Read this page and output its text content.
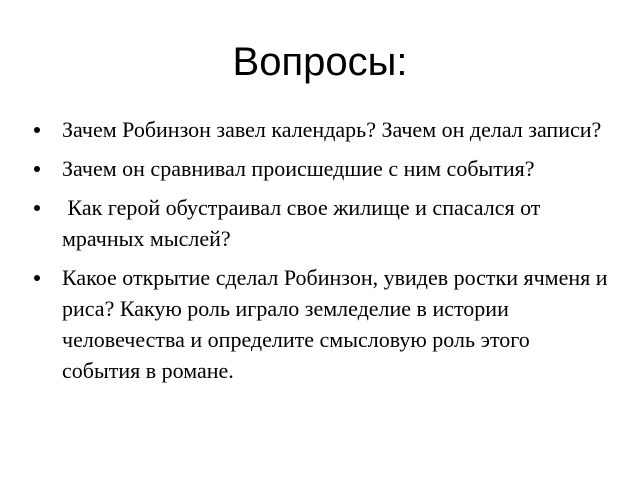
Вопросы:
Зачем Робинзон завел календарь? Зачем он делал записи?
Зачем он сравнивал происшедшие с ним события?
Как герой обустраивал свое жилище и спасался от мрачных мыслей?
Какое открытие сделал Робинзон, увидев ростки ячменя и риса? Какую роль играло земледелие в истории человечества и определите смысловую роль этого события в романе.
